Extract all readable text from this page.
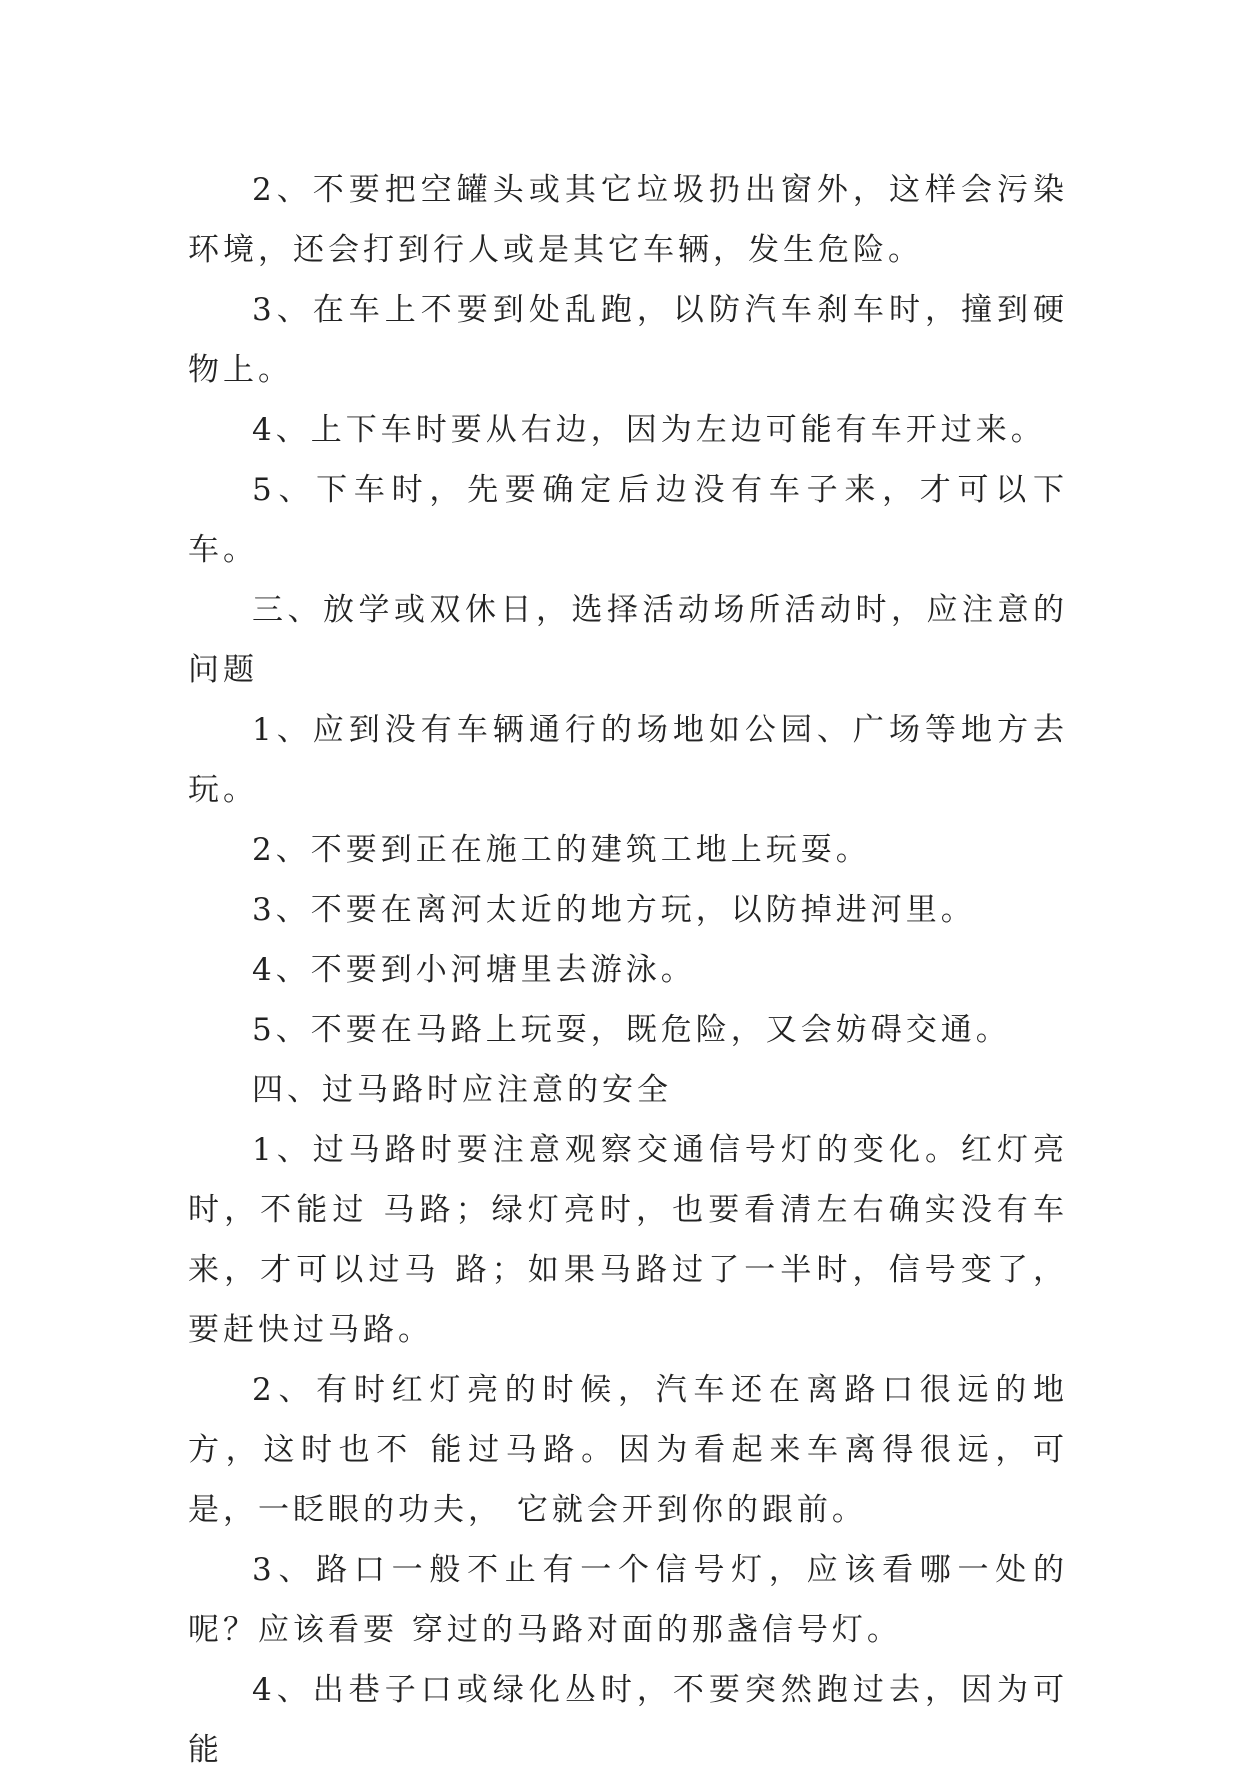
2、不要把空罐头或其它垃圾扔出窗外，这样会污染环境，还会打到行人或是其它车辆，发生危险。

3、在车上不要到处乱跑，以防汽车刹车时，撞到硬物上。

4、上下车时要从右边，因为左边可能有车开过来。

5、下车时，先要确定后边没有车子来，才可以下车。

三、放学或双休日，选择活动场所活动时，应注意的问题

1、应到没有车辆通行的场地如公园、广场等地方去玩。

2、不要到正在施工的建筑工地上玩耍。

3、不要在离河太近的地方玩，以防掉进河里。

4、不要到小河塘里去游泳。

5、不要在马路上玩耍，既危险，又会妨碍交通。

四、过马路时应注意的安全

1、过马路时要注意观察交通信号灯的变化。红灯亮时，不能过 马路；绿灯亮时，也要看清左右确实没有车来，才可以过马 路；如果马路过了一半时，信号变了，要赶快过马路。

2、有时红灯亮的时候，汽车还在离路口很远的地方，这时也不 能过马路。因为看起来车离得很远，可是，一眨眼的功夫， 它就会开到你的跟前。

3、路口一般不止有一个信号灯，应该看哪一处的呢？应该看要 穿过的马路对面的那盏信号灯。

4、出巷子口或绿化丛时，不要突然跑过去，因为可能
